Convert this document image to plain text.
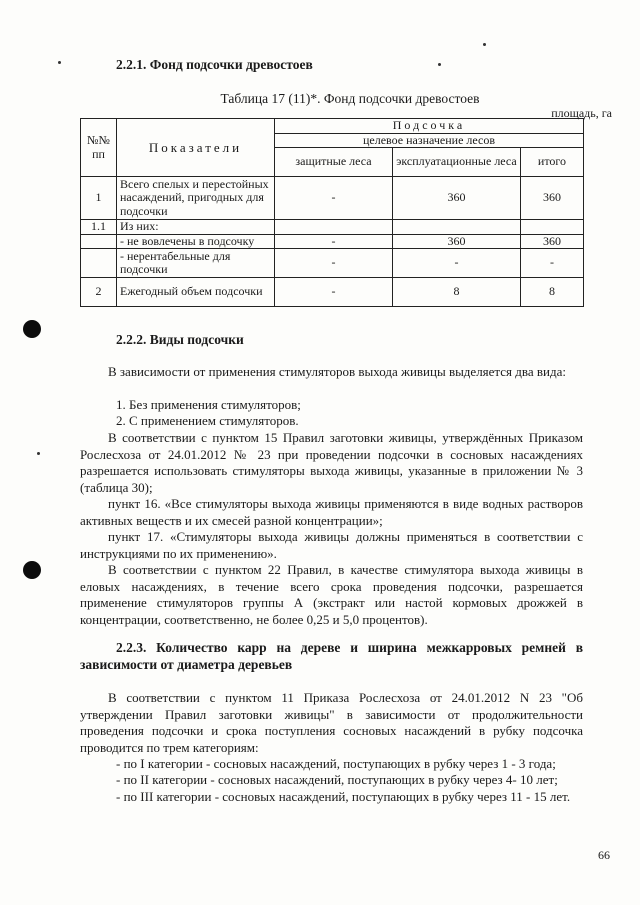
2.2.1. Фонд подсочки древостоев
Таблица 17 (11)*. Фонд подсочки древостоев
площадь, га
№№ пп	Показатели	Подсочка		
		целевое назначение лесов		
		защитные леса	эксплуатационные леса	итого
1	Всего спелых и перестойных насаждений, пригодных для подсочки	-	360	360
1.1	Из них:			
	- не вовлечены в подсочку	-	360	360
	- нерентабельные для подсочки	-	-	-
2	Ежегодный объем подсочки	-	8	8
2.2.2. Виды подсочки
В зависимости от применения стимуляторов выхода живицы выделяется два вида:
1. Без применения стимуляторов;
2. С применением стимуляторов.
В соответствии с пунктом 15 Правил заготовки живицы, утверждённых Приказом Рослесхоза от 24.01.2012 № 23 при проведении подсочки в сосновых насаждениях разрешается использовать стимуляторы выхода живицы, указанные в приложении № 3 (таблица 30);
пункт 16. «Все стимуляторы выхода живицы применяются в виде водных растворов активных веществ и их смесей разной концентрации»;
пункт 17. «Стимуляторы выхода живицы должны применяться в соответствии с инструкциями по их применению».
В соответствии с пунктом 22 Правил, в качестве стимулятора выхода живицы в еловых насаждениях, в течение всего срока проведения подсочки, разрешается применение стимуляторов группы А (экстракт или настой кормовых дрожжей в концентрации, соответственно, не более 0,25 и 5,0 процентов).
2.2.3. Количество карр на дереве и ширина межкарровых ремней в зависимости от диаметра деревьев
В соответствии с пунктом 11 Приказа Рослесхоза от 24.01.2012 N 23 "Об утверждении Правил заготовки живицы" в зависимости от продолжительности проведения подсочки и срока поступления сосновых насаждений в рубку подсочка проводится по трем категориям:
- по I категории - сосновых насаждений, поступающих в рубку через 1 - 3 года;
- по II категории - сосновых насаждений, поступающих в рубку через 4- 10 лет;
- по III категории - сосновых насаждений, поступающих в рубку через 11 - 15 лет.
66
